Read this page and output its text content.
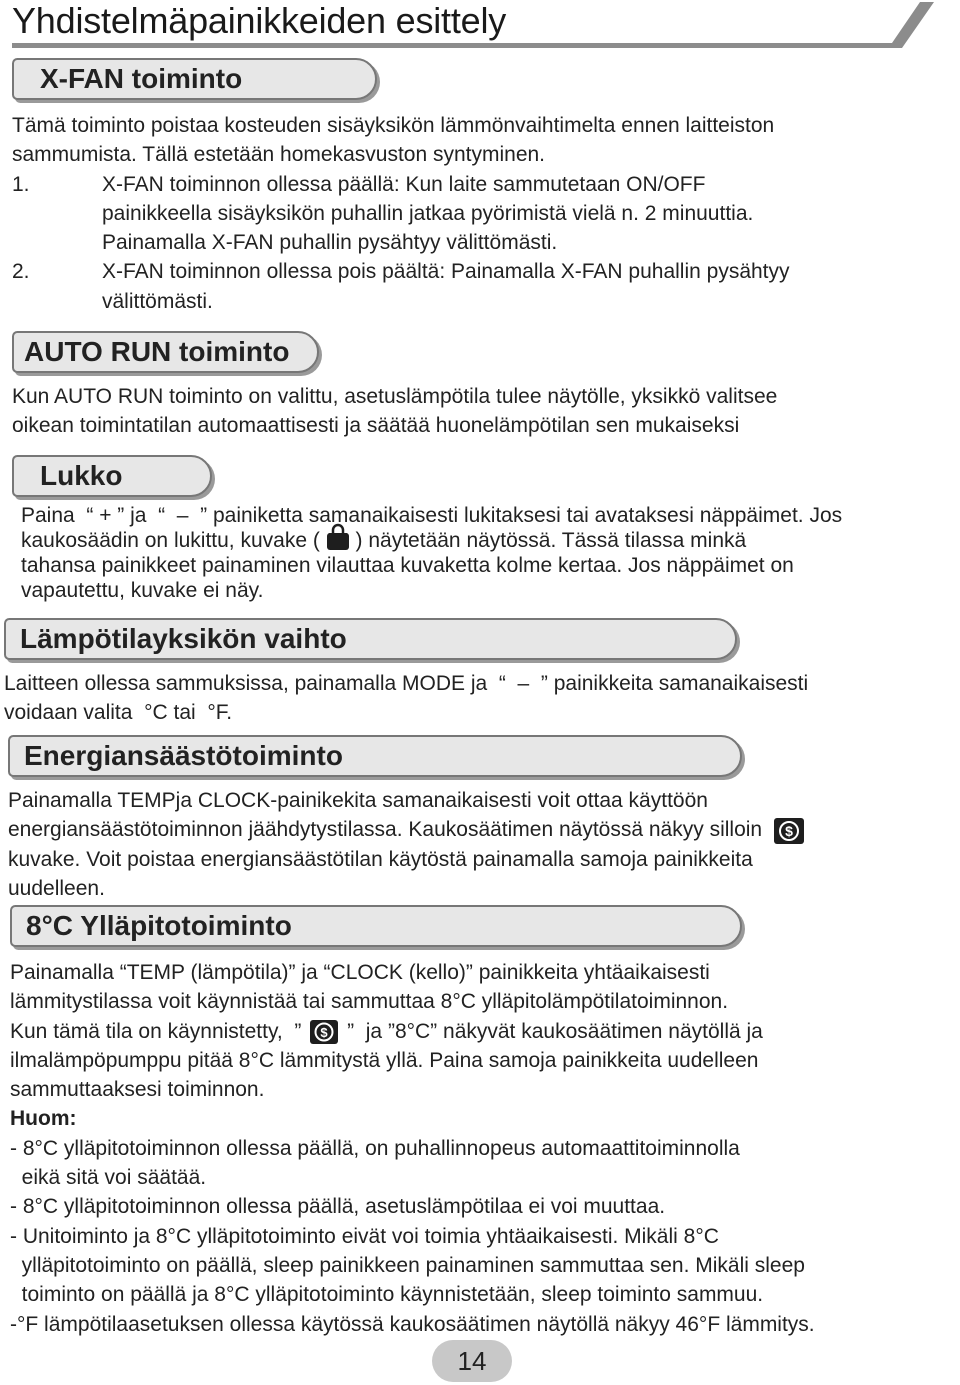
Yhdistelmäpainikkeiden esittely
X-FAN toiminto
Tämä toiminto poistaa kosteuden sisäyksikön lämmönvaihtimelta ennen laitteiston
sammumista. Tällä estetään homekasvuston syntyminen.
1.	X-FAN toiminnon ollessa päällä: Kun laite sammutetaan ON/OFF
painikkeella sisäyksikön puhallin jatkaa pyörimistä vielä n. 2 minuuttia.
Painamalla X-FAN puhallin pysähtyy välittömästi.
2.	X-FAN toiminnon ollessa pois päältä: Painamalla X-FAN puhallin pysähtyy
välittömästi.
AUTO RUN toiminto
Kun AUTO RUN toiminto on valittu, asetuslämpötila tulee näytölle, yksikkö valitsee
oikean toimintatilan automaattisesti ja säätää huonelämpötilan sen mukaiseksi
Lukko
Paina  “ + ” ja  “  –  ” painiketta samanaikaisesti lukitaksesi tai avataksesi näppäimet. Jos
kaukosäädin on lukittu, kuvake ( ) näytetään näytössä. Tässä tilassa minkä
tahansa painikkeet painaminen vilauttaa kuvaketta kolme kertaa. Jos näppäimet on
vapautettu, kuvake ei näy.
Lämpötilayksikön vaihto
Laitteen ollessa sammuksissa, painamalla MODE ja  “  –  ” painikkeita samanaikaisesti
voidaan valita  °C tai  °F.
Energiansäästötoiminto
Painamalla TEMPja CLOCK-painikekita samanaikaisesti voit ottaa käyttöön
energiansäästötoiminnon jäähdytystilassa. Kaukosäätimen näytössä näkyy silloin $
kuvake. Voit poistaa energiansäästötilan käytöstä painamalla samoja painikkeita
uudelleen.
8°C Ylläpitotoiminto
Painamalla “TEMP (lämpötila)” ja “CLOCK (kello)” painikkeita yhtäaikaisesti
lämmitystilassa voit käynnistää tai sammuttaa 8°C ylläpitolämpötilatoiminnon.
Kun tämä tila on käynnistetty,  ” $ ”  ja ”8°C” näkyvät kaukosäätimen näytöllä ja
ilmalämpöpumppu pitää 8°C lämmitystä yllä. Paina samoja painikkeita uudelleen
sammuttaaksesi toiminnon.
Huom:
- 8°C ylläpitotoiminnon ollessa päällä, on puhallinnopeus automaattitoiminnolla
eikä sitä voi säätää.
- 8°C ylläpitotoiminnon ollessa päällä, asetuslämpötilaa ei voi muuttaa.
- Unitoiminto ja 8°C ylläpitotoiminto eivät voi toimia yhtäaikaisesti. Mikäli 8°C
ylläpitotoiminto on päällä, sleep painikkeen painaminen sammuttaa sen. Mikäli sleep
toiminto on päällä ja 8°C ylläpitotoiminto käynnistetään, sleep toiminto sammuu.
-°F lämpötilaasetuksen ollessa käytössä kaukosäätimen näytöllä näkyy 46°F lämmitys.
14
